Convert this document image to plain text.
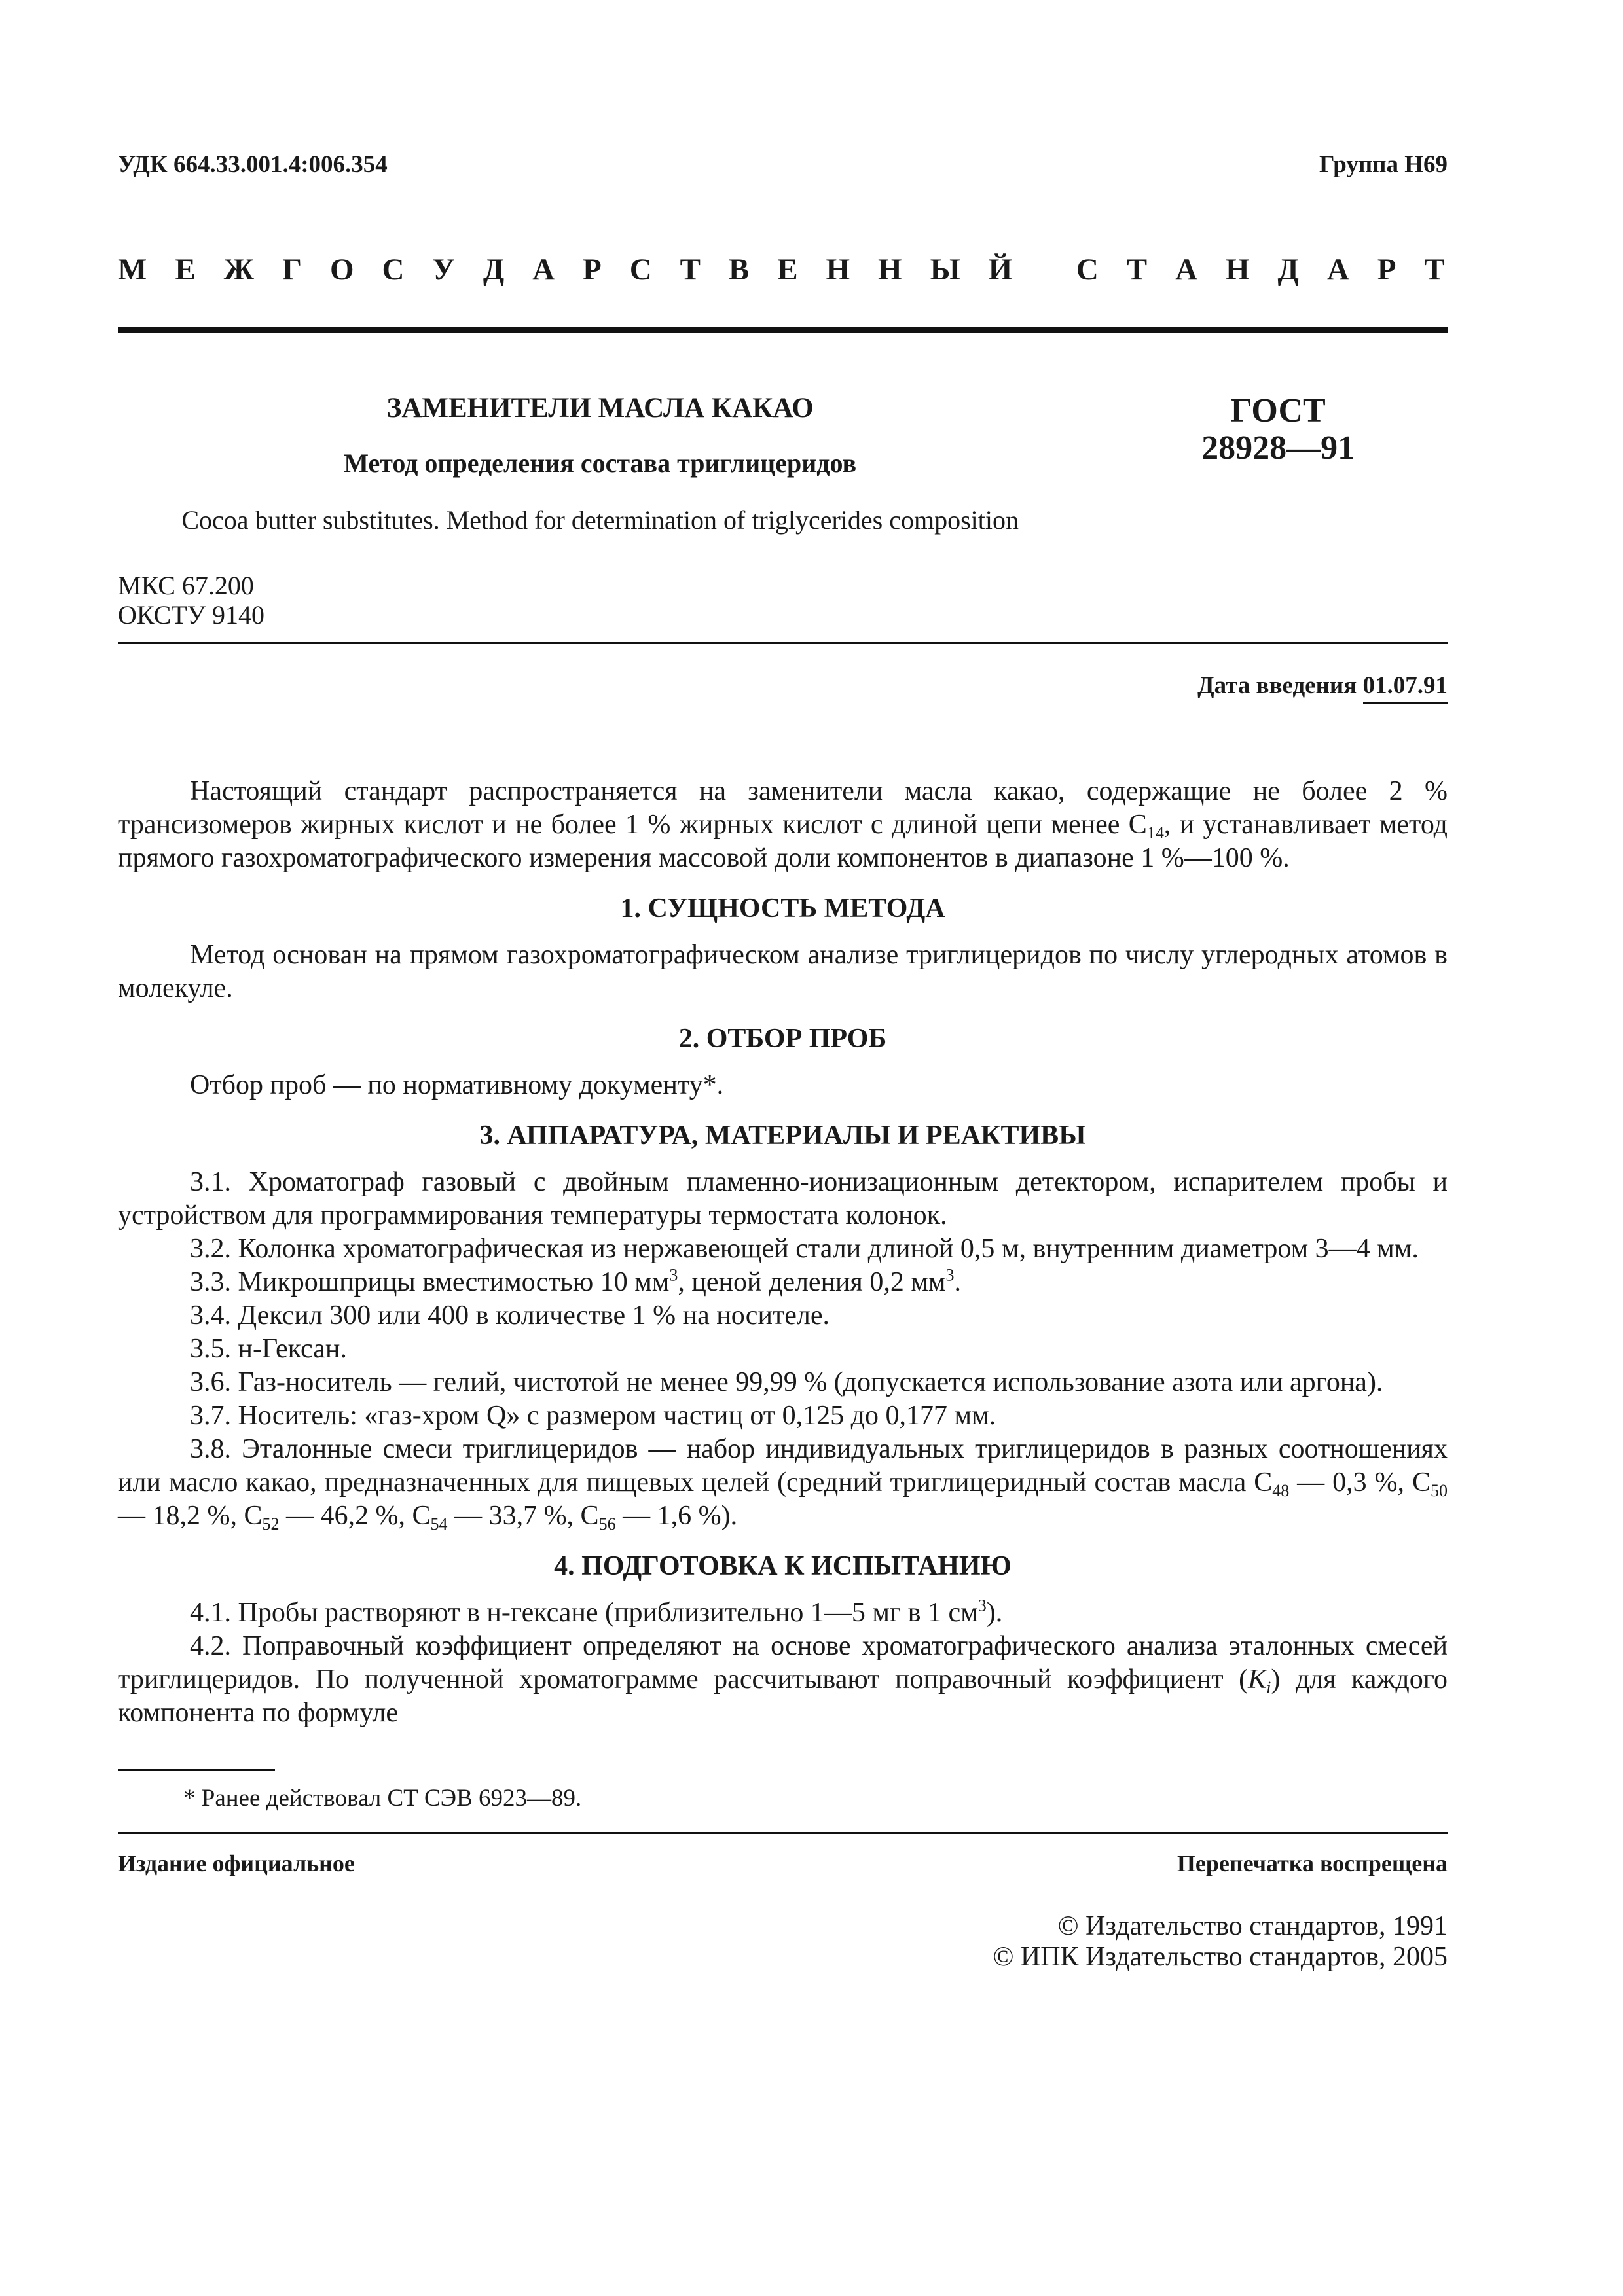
УДК 664.33.001.4:006.354	Группа Н69
М Е Ж Г О С У Д А Р С Т В Е Н Н Ы Й
С Т А Н Д А Р Т
ЗАМЕНИТЕЛИ МАСЛА КАКАО
Метод определения состава триглицеридов
Cocoa butter substitutes. Method for determination of triglycerides composition
ГОСТ
28928—91
МКС 67.200
ОКСТУ 9140
Дата введения 01.07.91

Настоящий стандарт распространяется на заменители масла какао, содержащие не более 2 % трансизомеров жирных кислот и не более 1 % жирных кислот с длиной цепи менее $С_{14}$, и устанавливает метод прямого газохроматографического измерения массовой доли компонентов в диапазоне 1 %—100 %.

1. СУЩНОСТЬ МЕТОДА

Метод основан на прямом газохроматографическом анализе триглицеридов по числу углеродных атомов в молекуле.

2. ОТБОР ПРОБ

Отбор проб — по нормативному документу*.

3. АППАРАТУРА, МАТЕРИАЛЫ И РЕАКТИВЫ

3.1. Хроматограф газовый с двойным пламенно-ионизационным детектором, испарителем пробы и устройством для программирования температуры термостата колонок.

3.2. Колонка хроматографическая из нержавеющей стали длиной 0,5 м, внутренним диаметром 3—4 мм.

3.3. Микрошприцы вместимостью 10 $мм^3$, ценой деления 0,2 $мм^3$.

3.4. Дексил 300 или 400 в количестве 1 % на носителе.

3.5. н-Гексан.

3.6. Газ-носитель — гелий, чистотой не менее 99,99 % (допускается использование азота или аргона).

3.7. Носитель: «газ-хром Q» с размером частиц от 0,125 до 0,177 мм.

3.8. Эталонные смеси триглицеридов — набор индивидуальных триглицеридов в разных соотношениях или масло какао, предназначенных для пищевых целей (средний триглицеридный состав масла $С_{48}$ — 0,3 %, $С_{50}$ — 18,2 %, $С_{52}$ — 46,2 %, $С_{54}$ — 33,7 %, $С_{56}$ — 1,6 %).

4. ПОДГОТОВКА К ИСПЫТАНИЮ

4.1. Пробы растворяют в н-гексане (приблизительно 1—5 мг в 1 $см^3$).

4.2. Поправочный коэффициент определяют на основе хроматографического анализа эталонных смесей триглицеридов. По полученной хроматограмме рассчитывают поправочный коэффициент $(K_i)$ для каждого компонента по формуле

* Ранее действовал СТ СЭВ 6923—89.
Издание официальное	Перепечатка воспрещена
© Издательство стандартов, 1991
© ИПК Издательство стандартов, 2005
